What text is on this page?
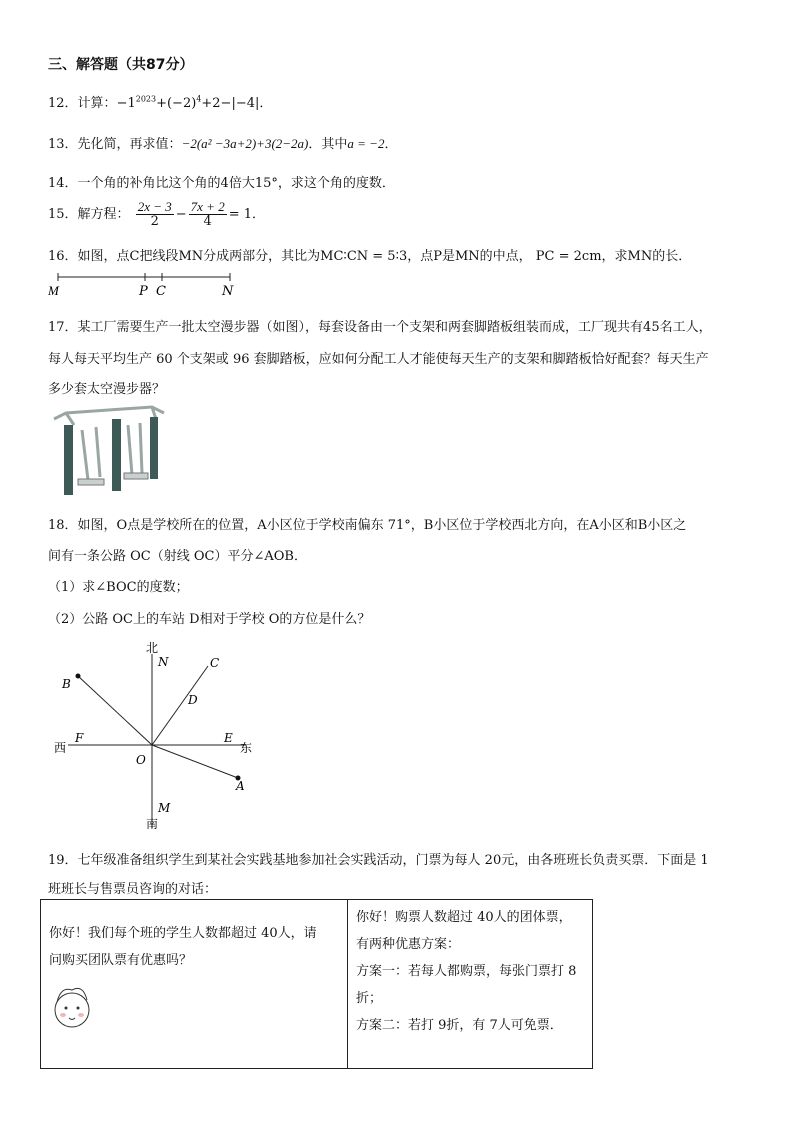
三、解答题（共87分）
12．计算：$-1^{2023}+(-2)^4+2-|-4|$．
13．先化简，再求值：−2(a² −3a+2)+3(2−2a)．其中a = −2．
14．一个角的补角比这个角的4倍大15°，求这个角的度数．
15．解方程： $\frac{2x - 3}{2} - \frac{7x + 2}{4} = 1$．
16．如图，点C把线段MN分成两部分，其比为MC∶CN = 5∶3，点P是MN的中点， PC = 2cm，求MN的长．
M	P C	N
17．某工厂需要生产一批太空漫步器（如图），每套设备由一个支架和两套脚踏板组装而成，工厂现共有45名工人，
每人每天平均生产 60 个支架或 96 套脚踏板，应如何分配工人才能使每天生产的支架和脚踏板恰好配套？每天生产
多少套太空漫步器？
18．如图，O点是学校所在的位置，A小区位于学校南偏东 71°，B小区位于学校西北方向，在A小区和B小区之
间有一条公路 OC（射线 OC）平分∠AOB．
（1）求∠BOC的度数；
（2）公路 OC上的车站 D相对于学校 O的方位是什么？
北
N	C
B
D
西
F	E
东
O
A
M
南
19．七年级准备组织学生到某社会实践基地参加社会实践活动，门票为每人 20元，由各班班长负责买票．下面是 1
班班长与售票员咨询的对话：
你好！我们每个班的学生人数都超过 40人，请
问购买团队票有优惠吗？
	你好！购票人数超过 40人的团体票，
有两种优惠方案：
方案一：若每人都购票，每张门票打 8
折；
方案二：若打 9折，有 7人可免票．
